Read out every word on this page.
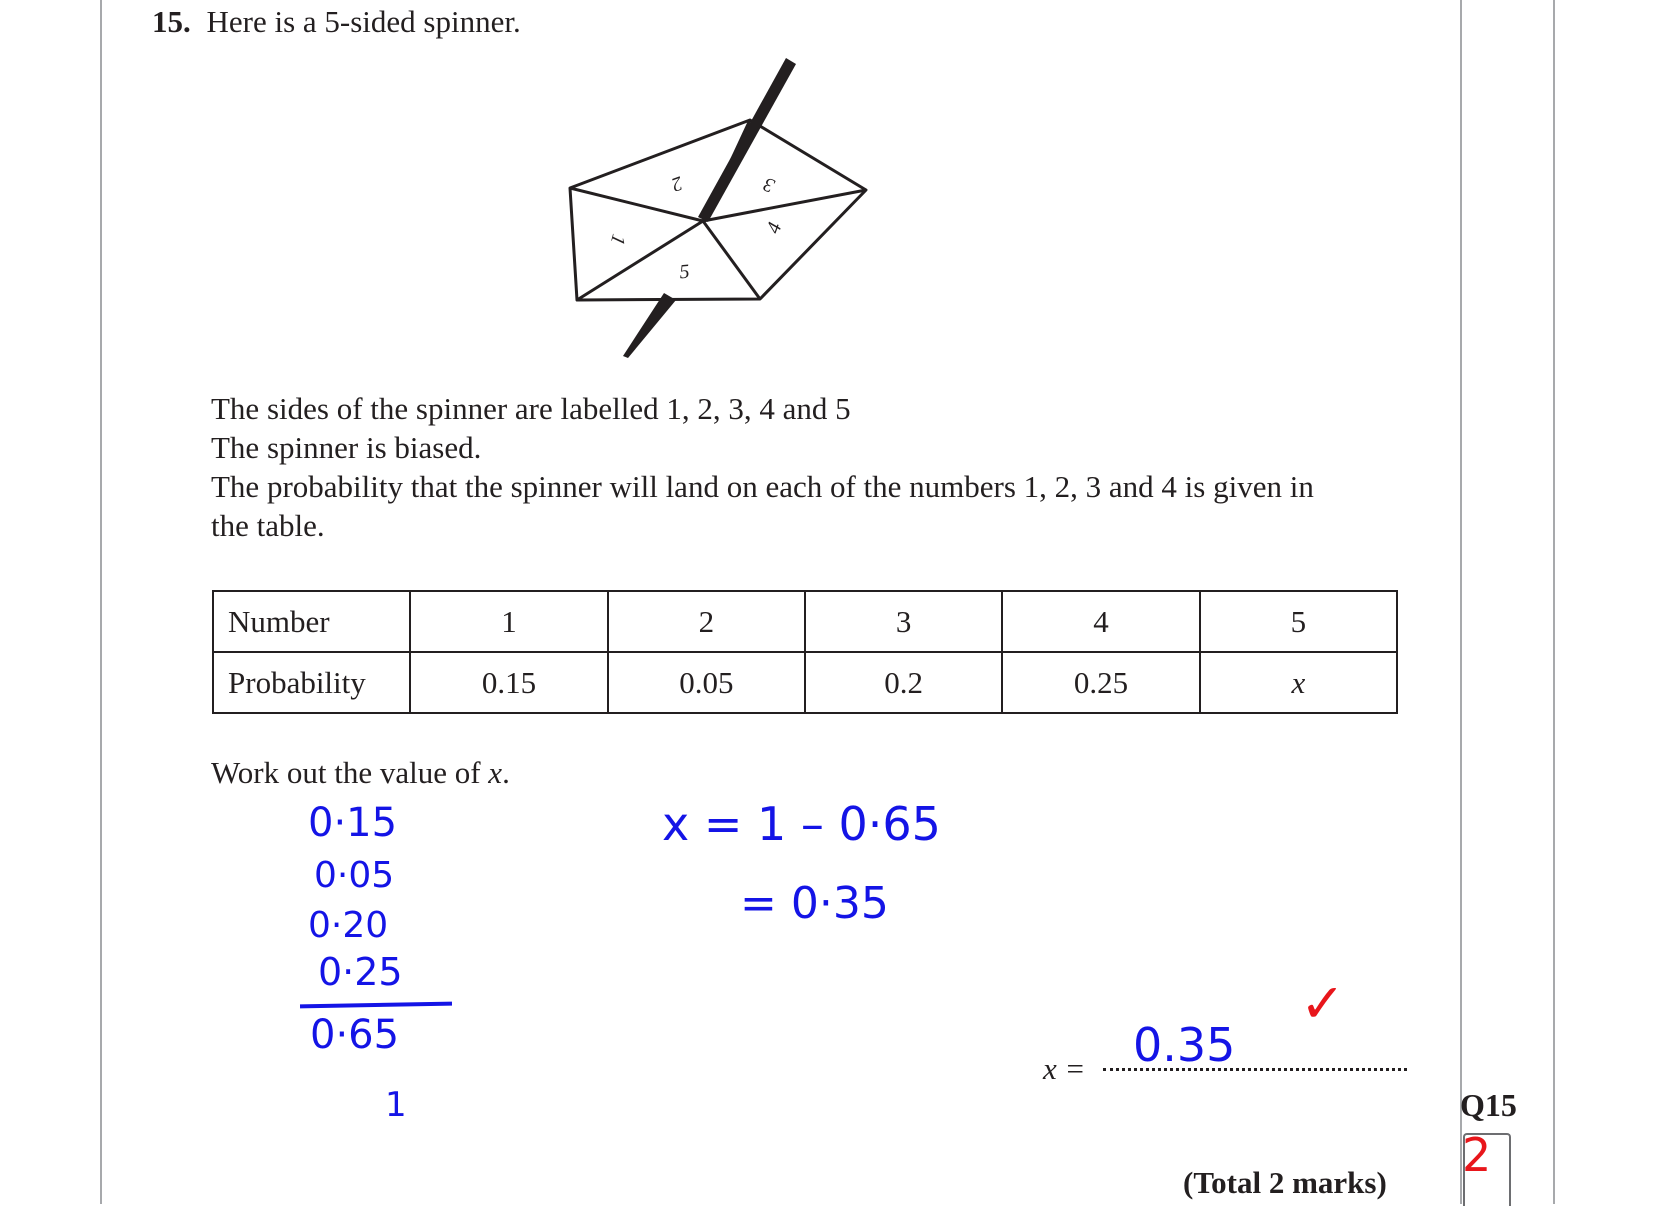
15. Here is a 5-sided spinner.
1
2	3
4
5
The sides of the spinner are labelled 1, 2, 3, 4 and 5
The spinner is biased.
The probability that the spinner will land on each of the numbers 1, 2, 3 and 4 is given in
the table.
Number	1	2	3	4	5
Probability	0.15	0.05	0.2	0.25	x
Work out the value of x.
0·15
0·05
0·20
0·25
0·65
1
x = 1 – 0·65
= 0·35
x = 0.35
✓
Q15
2
(Total 2 marks)
